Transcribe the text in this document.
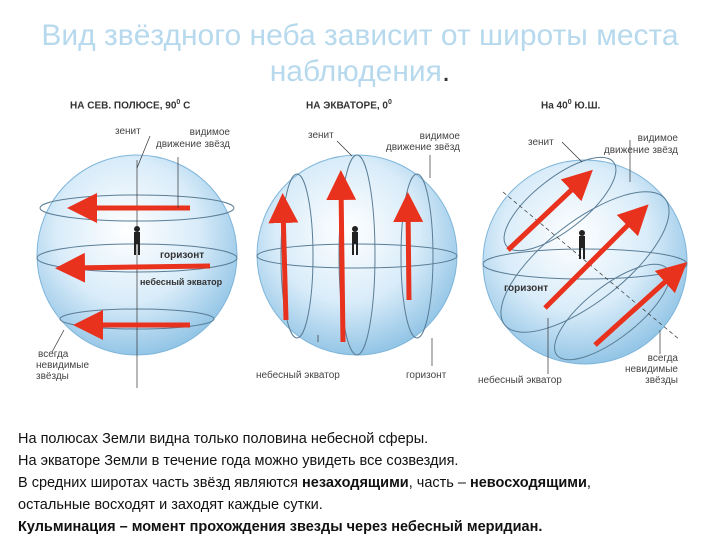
Вид звёздного неба зависит от широты места наблюдения.
НА СЕВ. ПОЛЮСЕ, $90^0$ С
зенит	видимое
движение звёзд
горизонт
небесный экватор
всегда
невидимые
звёзды
НА ЭКВАТОРЕ, $0^0$
зенит	видимое
движение звёзд
небесный экватор	горизонт
На $40^0$ Ю.Ш.
зенит	видимое
движение звёзд
горизонт
небесный экватор
всегда
невидимые
звёзды

На полюсах Земли видна только половина небесной сферы.

На экваторе Земли в течение года можно увидеть все созвездия.

В средних широтах часть звёзд являются незаходящими, часть – невосходящими,

остальные восходят и заходят каждые сутки.

Кульминация – момент прохождения звезды через небесный меридиан.
